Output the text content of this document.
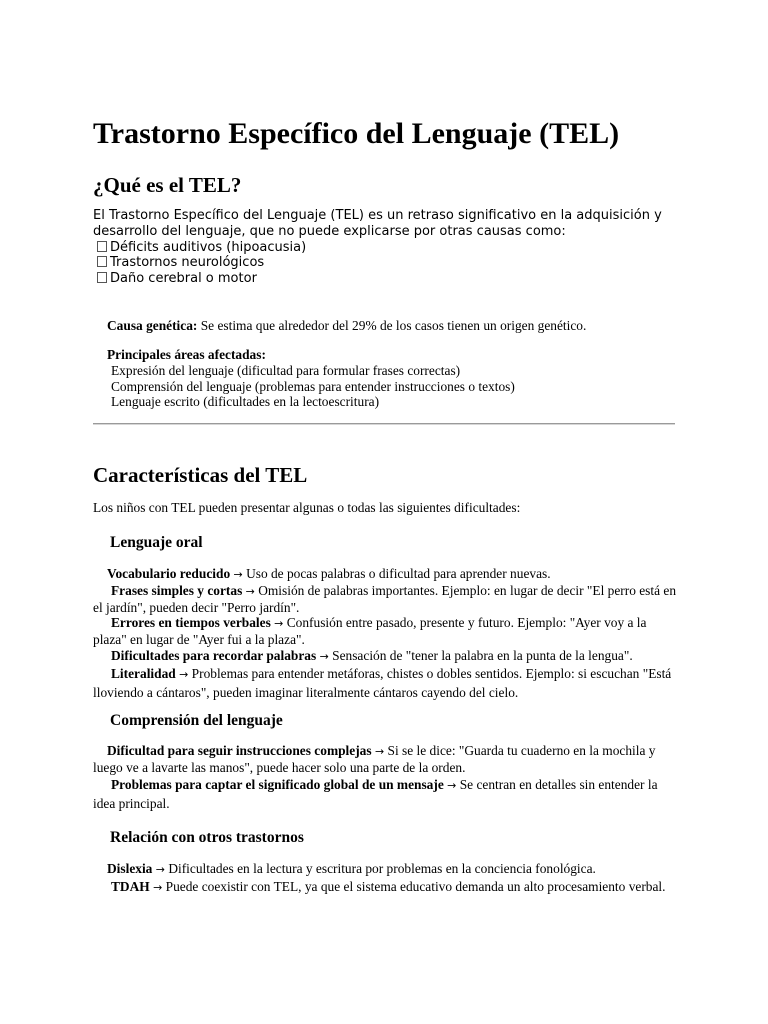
Trastorno Específico del Lenguaje (TEL)
¿Qué es el TEL?

El Trastorno Específico del Lenguaje (TEL) es un retraso significativo en la adquisición y desarrollo del lenguaje, que no puede explicarse por otras causas como:

Déficits auditivos (hipoacusia)
Trastornos neurológicos
Daño cerebral o motor

Causa genética: Se estima que alrededor del 29% de los casos tienen un origen genético.

Principales áreas afectadas:

Expresión del lenguaje (dificultad para formular frases correctas)
Comprensión del lenguaje (problemas para entender instrucciones o textos)
Lenguaje escrito (dificultades en la lectoescritura)
Características del TEL

Los niños con TEL pueden presentar algunas o todas las siguientes dificultades:

Lenguaje oral

Vocabulario reducido → Uso de pocas palabras o dificultad para aprender nuevas.

Frases simples y cortas → Omisión de palabras importantes. Ejemplo: en lugar de decir "El perro está en el jardín", pueden decir "Perro jardín".

Errores en tiempos verbales → Confusión entre pasado, presente y futuro. Ejemplo: "Ayer voy a la plaza" en lugar de "Ayer fui a la plaza".

Dificultades para recordar palabras → Sensación de "tener la palabra en la punta de la lengua".

Literalidad → Problemas para entender metáforas, chistes o dobles sentidos. Ejemplo: si escuchan "Está lloviendo a cántaros", pueden imaginar literalmente cántaros cayendo del cielo.

Comprensión del lenguaje

Dificultad para seguir instrucciones complejas → Si se le dice: "Guarda tu cuaderno en la mochila y luego ve a lavarte las manos", puede hacer solo una parte de la orden.

Problemas para captar el significado global de un mensaje → Se centran en detalles sin entender la idea principal.

Relación con otros trastornos

Dislexia → Dificultades en la lectura y escritura por problemas en la conciencia fonológica.

TDAH → Puede coexistir con TEL, ya que el sistema educativo demanda un alto procesamiento verbal.
